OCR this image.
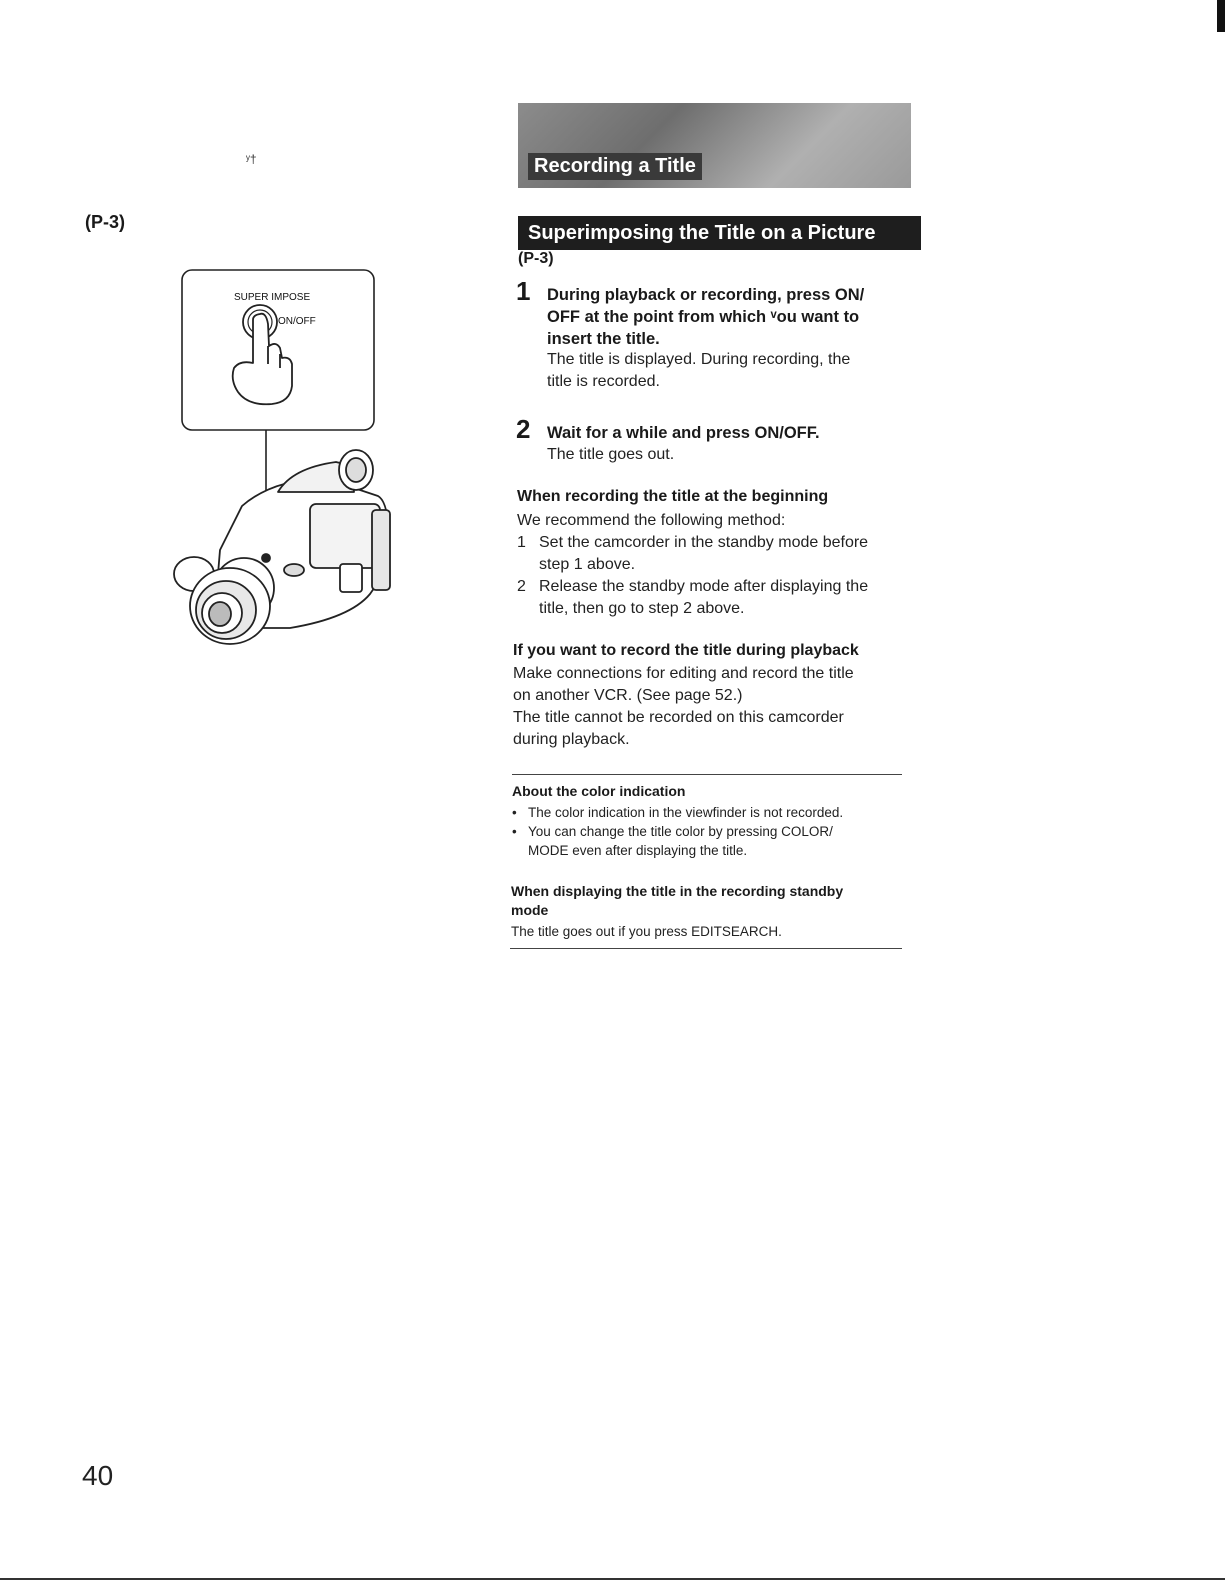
ʸ†
(P-3)
SUPER IMPOSE
ON/OFF
Recording a Title
Superimposing the Title on a Picture
(P-3)
1 During playback or recording, press ON/
OFF at the point from which ᵛou want to
insert the title.
The title is displayed. During recording, the
title is recorded.
2 Wait for a while and press ON/OFF.
The title goes out.
When recording the title at the beginning
We recommend the following method:
1 Set the camcorder in the standby mode before
step 1 above.
2 Release the standby mode after displaying the
title, then go to step 2 above.
If you want to record the title during playback
Make connections for editing and record the title
on another VCR. (See page 52.)
The title cannot be recorded on this camcorder
during playback.
About the color indication
• The color indication in the viewfinder is not recorded.
• You can change the title color by pressing COLOR/
MODE even after displaying the title.
When displaying the title in the recording standby
mode
The title goes out if you press EDITSEARCH.
40
